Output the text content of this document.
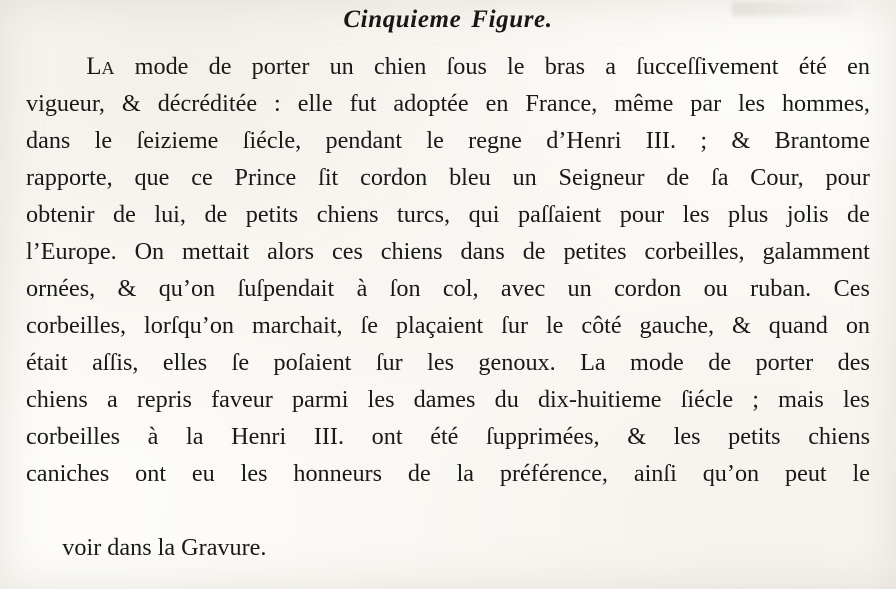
Cinquieme Figure.
La mode de porter un chien ſous le bras a ſucceſſivement été en
vigueur, & décréditée : elle fut adoptée en France, même par les hommes,
dans le ſeizieme ſiécle, pendant le regne d’Henri III. ; & Brantome
rapporte, que ce Prince ſit cordon bleu un Seigneur de ſa Cour, pour
obtenir de lui, de petits chiens turcs, qui paſſaient pour les plus jolis de
l’Europe. On mettait alors ces chiens dans de petites corbeilles, galamment
ornées, & qu’on ſuſpendait à ſon col, avec un cordon ou ruban. Ces
corbeilles, lorſqu’on marchait, ſe plaçaient ſur le côté gauche, & quand on
était aſſis, elles ſe poſaient ſur les genoux. La mode de porter des
chiens a repris faveur parmi les dames du dix-huitieme ſiécle ; mais les
corbeilles à la Henri III. ont été ſupprimées, & les petits chiens
caniches ont eu les honneurs de la préférence, ainſi qu’on peut le

voir dans la Gravure.
